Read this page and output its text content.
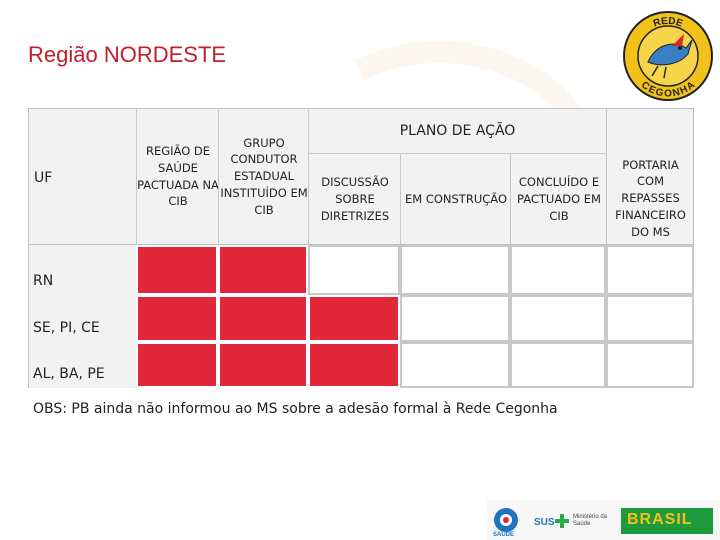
Região NORDESTE
REDE
CEGONHA
UF
REGIÃO DE SAÚDE PACTUADA NA CIB
GRUPO CONDUTOR ESTADUAL INSTITUÍDO EM CIB
PLANO DE AÇÃO
DISCUSSÃO SOBRE DIRETRIZES
EM CONSTRUÇÃO
CONCLUÍDO E PACTUADO EM CIB
PORTARIA COM REPASSES FINANCEIRO DO MS
RN
SE, PI, CE
AL, BA, PE
OBS: PB ainda não informou ao MS sobre a adesão formal à Rede Cegonha
SAÚDE
SUS	Ministério da Saúde	BRASIL
